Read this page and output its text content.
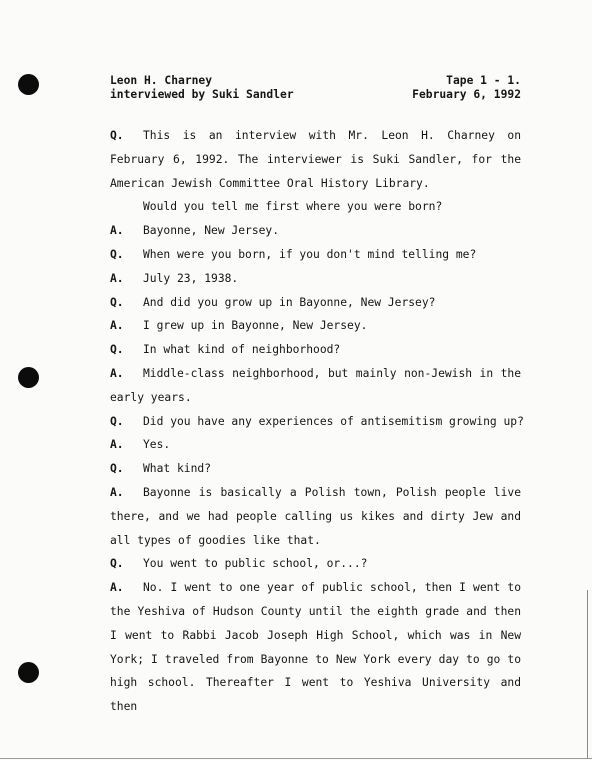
Leon H. Charney
interviewed by Suki Sandler
Tape 1 - 1.
February 6, 1992
Q. This is an interview with Mr. Leon H. Charney on
February 6, 1992. The interviewer is Suki Sandler, for the
American Jewish Committee Oral History Library.
Would you tell me first where you were born?
A. Bayonne, New Jersey.
Q. When were you born, if you don't mind telling me?
A. July 23, 1938.
Q. And did you grow up in Bayonne, New Jersey?
A. I grew up in Bayonne, New Jersey.
Q. In what kind of neighborhood?
A. Middle-class neighborhood, but mainly non-Jewish in the
early years.
Q. Did you have any experiences of antisemitism growing up?
A. Yes.
Q. What kind?
A. Bayonne is basically a Polish town, Polish people live
there, and we had people calling us kikes and dirty Jew and
all types of goodies like that.
Q. You went to public school, or...?
A. No. I went to one year of public school, then I went to
the Yeshiva of Hudson County until the eighth grade and then
I went to Rabbi Jacob Joseph High School, which was in New
York; I traveled from Bayonne to New York every day to go to
high school. Thereafter I went to Yeshiva University and then
